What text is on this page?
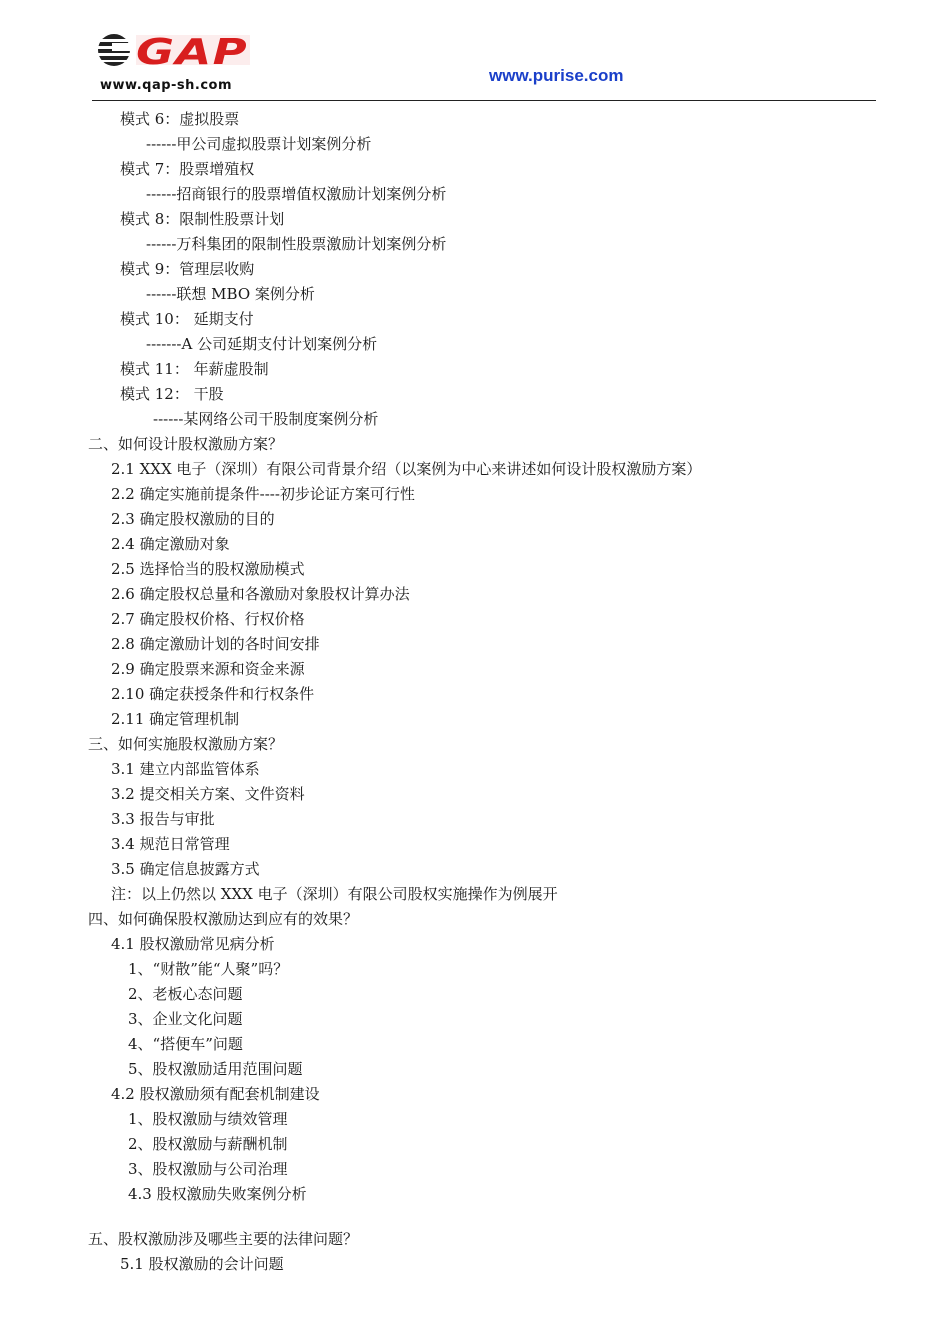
GAP
www.qap-sh.com
www.purise.com
模式 6：虚拟股票
------甲公司虚拟股票计划案例分析
模式 7：股票增殖权
------招商银行的股票增值权激励计划案例分析
模式 8：限制性股票计划
------万科集团的限制性股票激励计划案例分析
模式 9：管理层收购
------联想 MBO 案例分析
模式 10： 延期支付
-------A 公司延期支付计划案例分析
模式 11： 年薪虚股制
模式 12： 干股
------某网络公司干股制度案例分析
二、如何设计股权激励方案？
2.1 XXX 电子（深圳）有限公司背景介绍（以案例为中心来讲述如何设计股权激励方案）
2.2 确定实施前提条件----初步论证方案可行性
2.3 确定股权激励的目的
2.4 确定激励对象
2.5 选择恰当的股权激励模式
2.6 确定股权总量和各激励对象股权计算办法
2.7 确定股权价格、行权价格
2.8 确定激励计划的各时间安排
2.9 确定股票来源和资金来源
2.10 确定获授条件和行权条件
2.11 确定管理机制
三、如何实施股权激励方案？
3.1 建立内部监管体系
3.2 提交相关方案、文件资料
3.3 报告与审批
3.4 规范日常管理
3.5 确定信息披露方式
注：以上仍然以 XXX 电子（深圳）有限公司股权实施操作为例展开
四、如何确保股权激励达到应有的效果？
4.1 股权激励常见病分析
1、“财散”能“人聚”吗？
2、老板心态问题
3、企业文化问题
4、“搭便车”问题
5、股权激励适用范围问题
4.2 股权激励须有配套机制建设
1、股权激励与绩效管理
2、股权激励与薪酬机制
3、股权激励与公司治理
4.3 股权激励失败案例分析
五、股权激励涉及哪些主要的法律问题？
5.1 股权激励的会计问题
